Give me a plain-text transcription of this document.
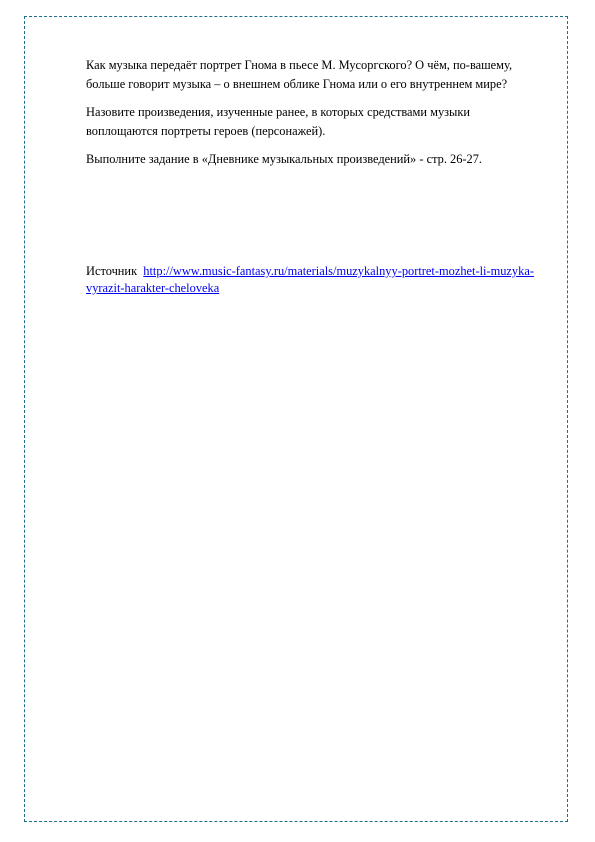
Как музыка передаёт портрет Гнома в пьесе М. Мусоргского? О чём, по-вашему, больше говорит музыка – о внешнем облике Гнома или о его внутреннем мире?

Назовите произведения, изученные ранее, в которых средствами музыки воплощаются портреты героев (персонажей).

Выполните задание в «Дневнике музыкальных произведений» - стр. 26-27.

Источник http://www.music-fantasy.ru/materials/muzykalnyy-portret-mozhet-li-muzyka-vyrazit-harakter-cheloveka
